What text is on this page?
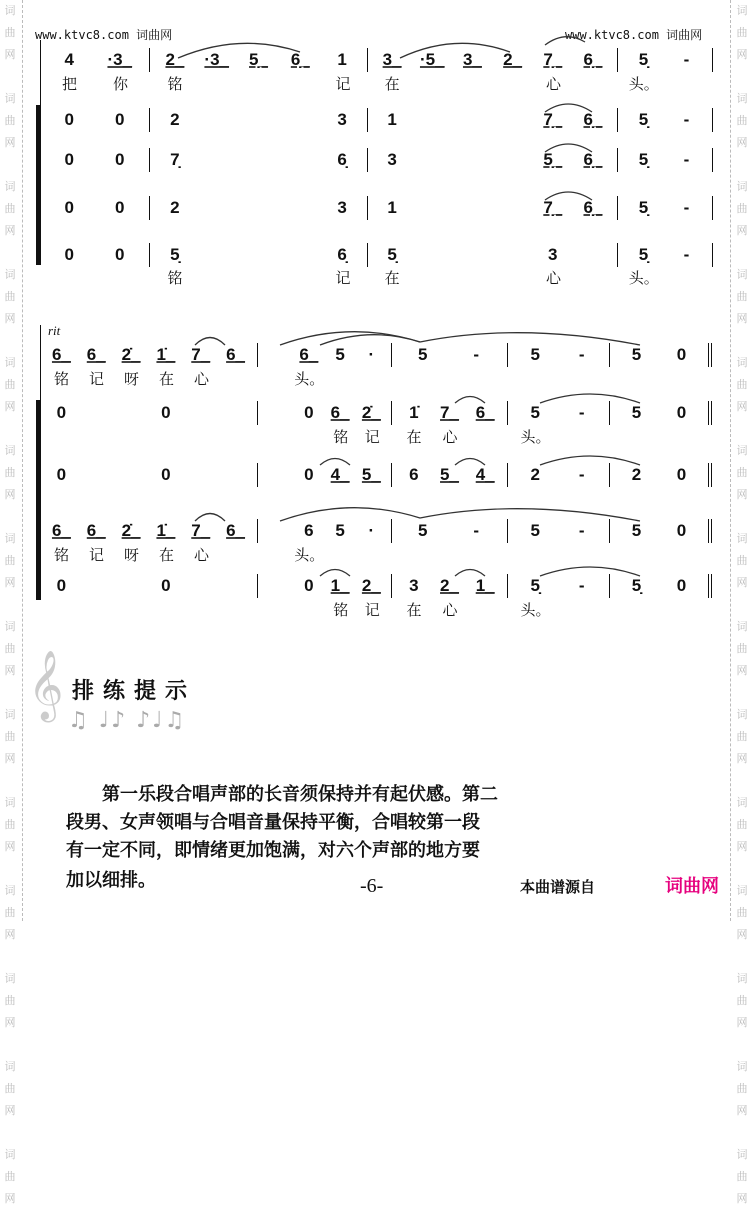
词
曲
网

词
曲
网

词
曲
网

词
曲
网

词
曲
网

词
曲
网

词
曲
网

词
曲
网

词
曲
网

词
曲
网

词
曲
网

词
曲
网

词
曲
网

词
曲
网

词
曲
网

词
曲
网

词
曲
网

词
曲
网

词
曲
网

词
曲
网

词
曲
网

词
曲
网

词
曲
网

词
曲
网

词
曲
网

词
曲
网

词
曲
网

词
曲
网

www.ktvc8.com 词曲网	www.ktvc8.com 词曲网
4	·3_	2_	·3_	5̣_	6̣_	1	3_	·5_	3_	2_	7̣_	6̣_	5̣	-
把	你	铭	记	在	心	头。
0	0	2	3	1	7̣_	6̣_	5̣	-
0	0	7̣	6̣	3	5̣_	6̣_	5̣	-
0	0	2	3	1	7̣_	6̣_	5̣	-
0	0	5̣	6̣	5̣	3	5̣	-
铭	记	在	心	头。
rit
6_ 6_ 2̇_ 1̇_ 7_ 6_	6_	5	·	5	-	5	-	5	0
铭	记	呀	在	心	头。
0	0	0	6_ 2̇_	1̇	7_ 6_	5	-	5	0
铭	记	在	心	头。
0	0	0	4_ 5_	6	5_ 4_	2	-	2	0
6_ 6_ 2̇_ 1̇_ 7_ 6_	6	5	·	5	-	5	-	5	0
铭	记	呀	在	心	头。
0	0	0	1_ 2_	3	2_ 1_	5̣	-	5̣	0
铭	记	在	心	头。
𝄞 排练提示
♫ ♩♪ ♪♩♫
　　第一乐段合唱声部的长音须保持并有起伏感。第二
段男、女声领唱与合唱音量保持平衡，合唱较第一段
有一定不同，即情绪更加饱满，对六个声部的地方要
加以细排。	-6-	本曲谱源自	词曲网
